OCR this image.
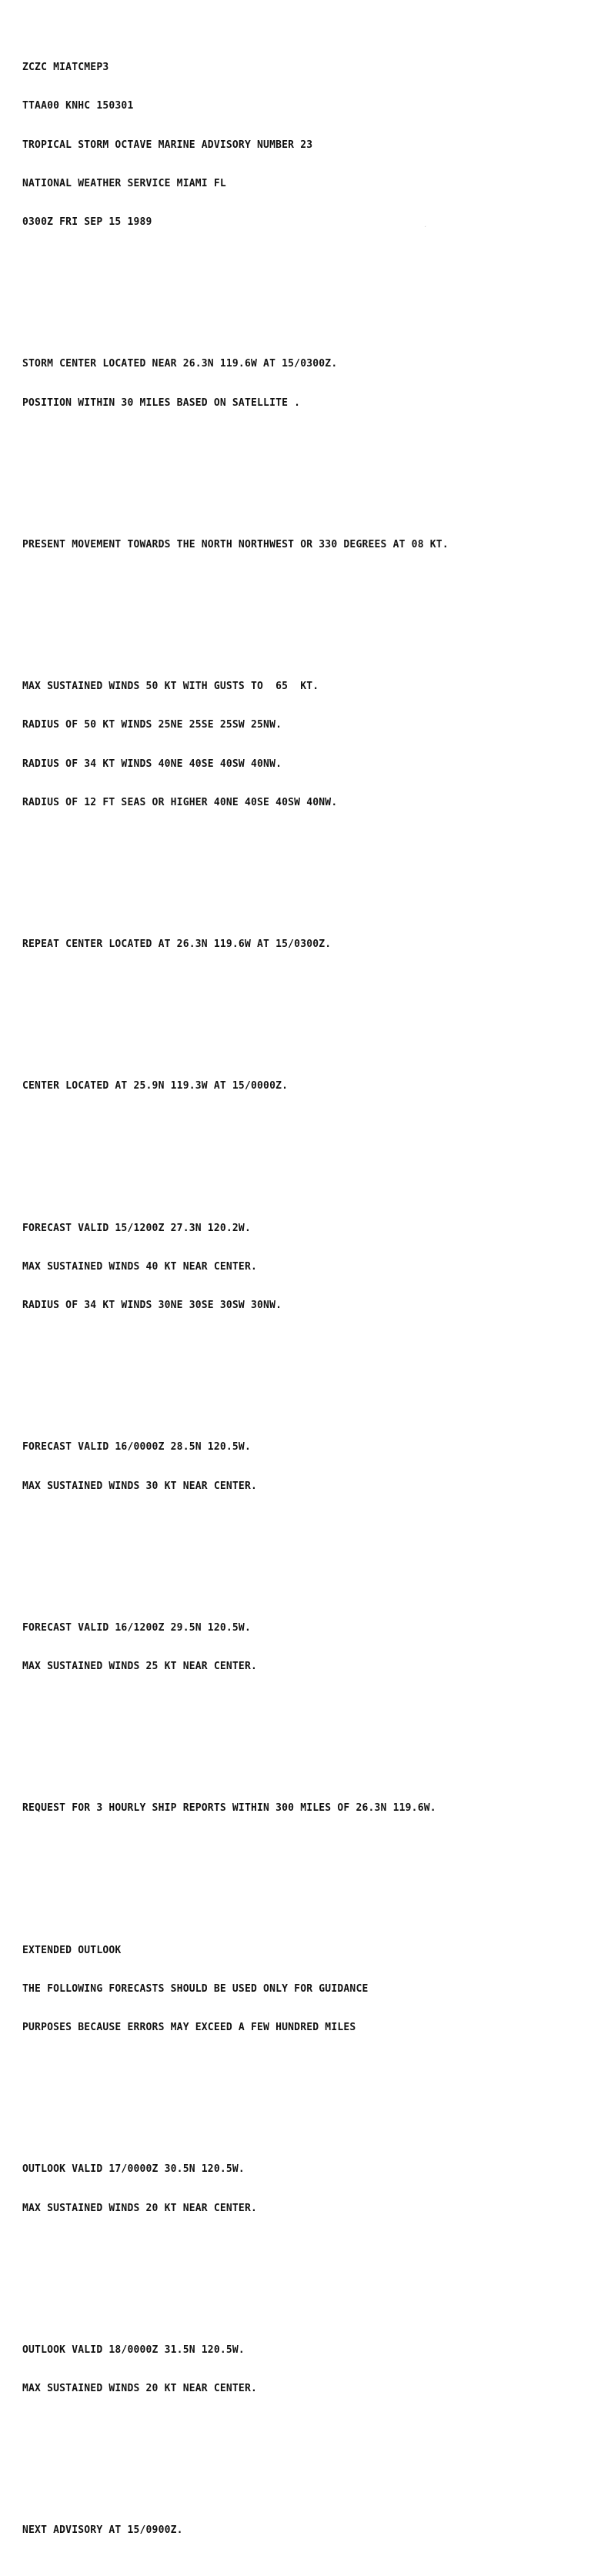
ZCZC MIATCMEP3

TTAA00 KNHC 150301

TROPICAL STORM OCTAVE MARINE ADVISORY NUMBER 23

NATIONAL WEATHER SERVICE MIAMI FL

0300Z FRI SEP 15 1989

STORM CENTER LOCATED NEAR 26.3N 119.6W AT 15/0300Z.

POSITION WITHIN 30 MILES BASED ON SATELLITE .

PRESENT MOVEMENT TOWARDS THE NORTH NORTHWEST OR 330 DEGREES AT 08 KT.

MAX SUSTAINED WINDS 50 KT WITH GUSTS TO  65  KT.

RADIUS OF 50 KT WINDS 25NE 25SE 25SW 25NW.

RADIUS OF 34 KT WINDS 40NE 40SE 40SW 40NW.

RADIUS OF 12 FT SEAS OR HIGHER 40NE 40SE 40SW 40NW.

REPEAT CENTER LOCATED AT 26.3N 119.6W AT 15/0300Z.

CENTER LOCATED AT 25.9N 119.3W AT 15/0000Z.

FORECAST VALID 15/1200Z 27.3N 120.2W.

MAX SUSTAINED WINDS 40 KT NEAR CENTER.

RADIUS OF 34 KT WINDS 30NE 30SE 30SW 30NW.

FORECAST VALID 16/0000Z 28.5N 120.5W.

MAX SUSTAINED WINDS 30 KT NEAR CENTER.

FORECAST VALID 16/1200Z 29.5N 120.5W.

MAX SUSTAINED WINDS 25 KT NEAR CENTER.

REQUEST FOR 3 HOURLY SHIP REPORTS WITHIN 300 MILES OF 26.3N 119.6W.

EXTENDED OUTLOOK

THE FOLLOWING FORECASTS SHOULD BE USED ONLY FOR GUIDANCE

PURPOSES BECAUSE ERRORS MAY EXCEED A FEW HUNDRED MILES

OUTLOOK VALID 17/0000Z 30.5N 120.5W.

MAX SUSTAINED WINDS 20 KT NEAR CENTER.

OUTLOOK VALID 18/0000Z 31.5N 120.5W.

MAX SUSTAINED WINDS 20 KT NEAR CENTER.

NEXT ADVISORY AT 15/0900Z.

´
